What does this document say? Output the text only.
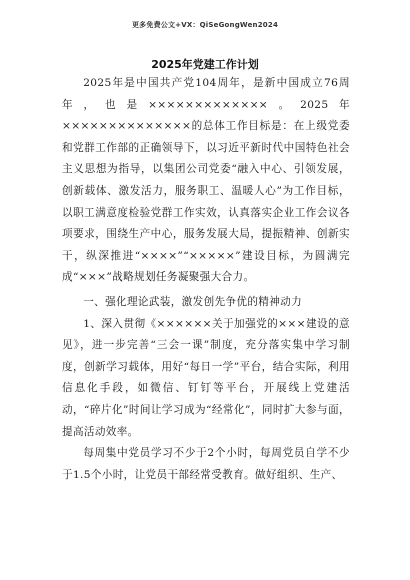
更多免费公文+VX：QiSeGongWen2024
2025年党建工作计划

2025年是中国共产党104周年，是新中国成立76周年，也是×××××××××××××。2025年××××××××××××××的总体工作目标是：在上级党委和党群工作部的正确领导下，以习近平新时代中国特色社会主义思想为指导，以集团公司党委“融入中心、引领发展，创新载体、激发活力，服务职工、温暖人心”为工作目标，以职工满意度检验党群工作实效，认真落实企业工作会议各项要求，围绕生产中心，服务发展大局，提振精神、创新实干，纵深推进“××××”“×××××”建设目标，为圆满完成“×××”战略规划任务凝聚强大合力。

一、强化理论武装，激发创先争优的精神动力

1、深入贯彻《××××××关于加强党的×××建设的意见》，进一步完善“三会一课”制度，充分落实集中学习制度，创新学习载体，用好“每日一学”平台，结合实际，利用信息化手段，如微信、钉钉等平台，开展线上党建活动，“碎片化”时间让学习成为“经常化”，同时扩大参与面，提高活动效率。

每周集中党员学习不少于2个小时，每周党员自学不少于1.5个小时，让党员干部经常受教育。做好组织、生产、
